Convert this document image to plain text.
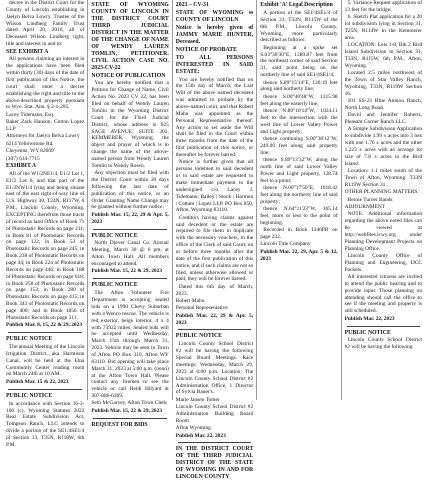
decree in the District Court for the County of Lincoln establishing in Jaelyn Belva Lowry, Trustee of the Wilson Lindberg Family Trust dated April 20, 2016, all of Deceased Wilson Lindberg right, title and interest in and to:

SEE EXHIBIT A

All persons claiming an interest in the applications have been filed within thirty (30) days of the date of first publication of this Notice, the court shall enter a decree establishing the right and title to the above-described property pursuant to Wyo. Stat. Ann. § 2-1-205.

Lacey Tidemann, Esq.

Baker Zack Hanson, Cotton Lopez LLP

Attorneys for Jaelyn Belva Lowry

6214 Yellowstone Rd.

Cheyenne, WY 82009

(307) 634-7715

EXHIBIT A

All of the W1/2NE1/4, E1/2 Lot 1, E1/2 Lot 6, and that part of the E1/2NW1/4 lying and being situate east of the east right-of-way line of U.S. Highway 30, T24N, R117W, 6 P.M., Lincoln County, Wyoming. EXCEPTING therefrom those tracts of record as land Office of Book 71 of Photostatic Records on page 211; in Book 81 of Photostatic Records on page 122; in Book 53 of Photostatic Records on page 245; in Book 238 of Photostatic Records on page 44; in Book 224 of Photostatic Records on page 446; in Book 188 of Photostatic Records on page 618; in Book 258 of Photostatic Records on page 153; in Book 280 of Photostatic Records on page 415; in Book 343 of Photostatic Records on page 400; and in Book 1856 of Photostatic Records on page 311.

Publish Mar. 8, 15, 22 & 29, 2023

PUBLIC NOTICE

The annual Meeting of the Lincoln Irrigation District, aka Harmison Canal, will be held at the Etna Community Center reading room on March 24th at 10 AM.

Publish Mar. 15 & 22, 2023

PUBLIC NOTICE

In accordance with Section 16-3-106 (c), Wyoming Statutes 2022 Real Estate Subdivision Act, Tompson Ranch, LLC intends to divide a portion of the SE1/4SE1/4 of Section 13, T35N, R118W, 6th P.M.

STATE OF WYOMING COUNTY OF LINCOLN IN THE DISTRICT COURT THIRD JUDICIAL DISTRICT IN THE MATTER OF THE CHANGE OF NAME OF WENDY LAUREN TOMLIN, PETITIONER. CIVIL ACTION CASE NO. 2023-CV-22

NOTICE OF PUBLICATION

You are hereby notified that a Petition for Change of Name, Civil Action No. 2023 CV 22, has been filed on behalf of Wendy Lauren Tomlin in the Wyoming District Court for the Third Judicial District, whose address is 925 SAGE AVENUE, SUITE 302, KEMMERER, Wyoming, the object and prayer of which is to change the name of the above-named person from Wendy Lauren Tomlin to Wendy Rosen.

Any objection must be filed with the District Court within 30 days following the last date of publication of this notice, or an Order Granting Name Change may be granted without further notice.

Publish Mar. 15, 22, 29 & Apr. 5, 2023

PUBLIC NOTICE

North Drever Canal Co. Annual Meeting, March 30 @ 6 pm, at Alton Town Hall. All members encouraged to attend.

Publish Mar. 15, 22 & 29, 2023

PUBLIC NOTICE

The Afton Volunteer Fire Department is accepting sealed bids on a 1990 Chevy Suburban with a Wenco rescue. The vehicle is red exterior, beige interior, 4 x 4 with 73922 miles. Sealed bids will be accepted until Wednesday, March 15th through March 31, 2023. Vehicle may be seen in Town of Afton PO Box 310, Afton WY 83110. Bid opening will take place March 31, 2023 at 5:00 p.m. (noon) at the Afton Town Hall. Please contact any firemen to see the vehicle or call Heidi Hilyard at 307-886-6369.

Seth McGarvey, Afton Town Clerk

Publish Mar. 15, 22 & 29, 2023

REQUEST FOR BIDS

2023 – CV-31

STATE OF WYOMING ss COUNTY OF LINCOLN

Notice is hereby given of JAMMY MARIE HUNTER, Deceased.

NOTICE OF PROBATE

TO ALL PERSONS INTERESTED IN SAID ESTATE:

You are hereby notified that on the 15th day of March, the Last Will of the above named decedent was admitted to probate by the above-named court, and that Robert Mahn was appointed as the Personal Representative thereof. Any action to set aside the Will shall be filed in the Court within three months from the date of the first publication of this notice, or thereafter be forever barred.

Notice is further given that all persons indebted to said decedent or to said estate are requested to make immediate payment to the undersigned c/o Lacey J. Tidemann, Bailey | Stock | Harmon | Cottam | Lopez LLP, PO Box 850, Afton, Wyoming 83110.

Creditors having claims against said decedent or the estate are required to file them in duplicate with the necessary vouchers, in the office of the Clerk of said Court, on or before three months after the date of the first publication of this notice, and if such claims are not so filed, unless otherwise allowed or paid, they will be forever barred.

Dated this 6th day of March, 2023.

Robert Mahn

Personal Representative

Publish Mar. 22, 29 & Apr. 5, 2023

PUBLIC NOTICE

Lincoln County School District #2 will be having the following Special Board Meetings. Race meetings: Wednesday, March 29, 2023 at 6:00 p.m. Location: The Lincoln County School District #2 Administration Office, 1 Director of Sylvia Bauer's.

Marie Jansen Tomer

Lincoln County School District #2 Administration Building Board Room

Afton Wyoming

Publish Mar. 22, 2023

IN THE DISTRICT COURT OF THE THIRD JUDICIAL DISTRICT OF THE STATE OF WYOMING IN AND FOR LINCOLN COUNTY

Exhibit 'A' Legal Description

A portion of the SE1/4SE1/4 of Section 31, T33N, R115W of the 6th P.M., Lincoln County, Wyoming, more particularly described as follows:

Beginning at a spike set S.03°36'30"E, 1389.87 feet from the northeast corner of said Section 31, said point being on the northerly line of said SE1/4SE1/4;

thence S.89°15'14"E, 120.19 feet along said northerly line;

thence S.00°40'48"W, 1315.98 feet along the easterly line;

thence N.89°10'14"W, 1024.11 feet to the intersection with the west line of Lower Valley Power and Light property;

thence continuing S.00°38'12"W, 249.00 feet along said property line;

thence S.89°13'32"W, along the north line of said Lower Valley Power and Light property, 128.74 feet to a point;

thence N.00°17'50"E, 1018.42 feet along the northerly line of said property;

thence N.64°11'23"W, 365.14 feet, more or less to the point of beginning.

Recorded in Book 1346PR on page 232.

Lincoln Title Company

Publish Mar. 22, 29, Apr. 5 & 12, 2023

5. Variance Request application of 13 feet for the bridge.

6. Sketch Plat application for a 20 lot subdivision lying in Section 31, T25N, R114W in the Kemmerer area.

LOCATION: Lots 1-8, Blk 2 Bird Island Subdivision in Section 31, T33N, R115W, 6th P.M., Afton, Wyoming.

Located 2.5 miles northwest of the Town of Star Valley Ranch, Wyoming, T33N, R119W Section 16.

101 SS-23 Blue Amnou Ranch, North Long Road.

David and Jennifer Roberts, Pleasant Corner Ranch LLC.

A Simple Subdivision Application to subdivide 1.99 ± acres into 3 lots with one 1.76 ± acres and the other 1.223 ± acres with an acreage lot size of 7.8 ± acres in the Bird Island.

Location: 1.1 miles south of the Town of Afton, Wyoming. T33N R119W Section 31.

OTHER PLANNING MATTERS:

Bernie Turner Bands

ADJOURNMENT

NOTE: Additional information regarding the above noted files can be viewed at http://webfiles.lcwy.org under Planning Development Projects on Planning Office.

Lincoln County Office of Planning and Engineering, DCC Packets.

All interested citizens are invited to attend the public hearing and to provide input. Those planning on attending should call the office to see if the meeting and property is still scheduled.

Publish Mar. 22, 2023

PUBLIC NOTICE

Lincoln County School District #2 will be having the following
